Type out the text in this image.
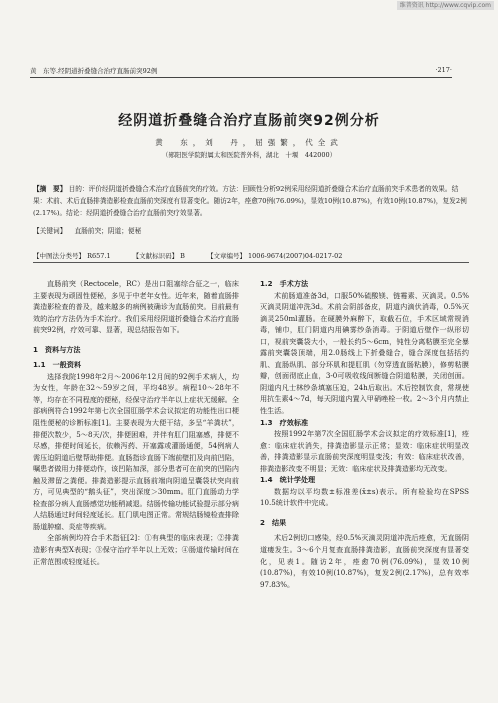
维普资讯 http://www.cqvip.com
黄　东等.经阴道折叠缝合治疗直肠前突92例	·217·
经阴道折叠缝合治疗直肠前突92例分析
黄　东，刘　丹，屈强繁，代全武
（郧阳医学院附属太和医院普外科，湖北　十堰　442000）
【摘　要】 目的：评价经阴道折叠缝合术治疗直肠前突的疗效。方法：回顾性分析92例采用经阴道折叠缝合术治疗直肠前突手术患者的效果。结果：术前、术后直肠排粪造影检查直肠前突深度有显著变化。随访2年，痊愈70例(76.09%)，显效10例(10.87%)，有效10例(10.87%)，复发2例(2.17%)。结论：经阴道折叠缝合治疗直肠前突疗效显著。
【关键词】 直肠前突；阴道；便秘
【中图法分类号】 R657.1	【文献标识码】 B	【文章编号】 1006-9674(2007)04-0217-02

直肠前突（Rectocele，RC）是出口阻塞综合征之一，临床主要表现为顽固性便秘，多见于中老年女性。近年来，随着直肠排粪造影检查的普及，越来越多的病例被确诊为直肠前突。目前最有效的治疗方法仍为手术治疗。我们采用经阴道折叠缝合术治疗直肠前突92例，疗效可靠、显著，现总结报告如下。

1　资料与方法
1.1　一般资料

选择我院1998年2月～2006年12月间的92例手术病人，均为女性，年龄在32～59岁之间，平均48岁。病程10～28年不等，均存在不同程度的便秘，经保守治疗半年以上症状无缓解。全部病例符合1992年第七次全国肛肠学术会议拟定的功能性出口梗阻性便秘的诊断标准[1]。主要表现为大便干结，多呈“羊粪状”，排便次数少，5～8天/次，排便困难，并伴有肛门阻塞感，排便不尽感，排便时间延长，依赖泻药、开塞露或灌肠通便，54例病人需压迫阴道后壁帮助排便。直肠指诊直肠下端前壁扪及向前凹陷，嘱患者做用力排便动作，该凹陷加深，部分患者可在前突的凹陷内触及滞留之粪便。排粪造影提示直肠前端向阴道呈囊袋状突向前方，可见典型的“鹅头征”，突出深度＞30mm。肛门直肠动力学检查部分病人直肠感觉功能稍减退。结肠传输功能试验提示部分病人结肠通过时间轻度延长。肛门肌电图正常。常规结肠镜检查排除肠道肿瘤、炎症等疾病。

全部病例均符合手术指征[2]：①有典型的临床表现；②排粪造影有典型X表现；③保守治疗半年以上无效；④肠道传输时间在正常范围或轻度延长。

1.2　手术方法

术前肠道准备3d，口服50%硫酸镁、链霉素、灭滴灵。0.5%灭滴灵阴道冲洗3d。术前会阴部备皮，阴道内滴伏消毒，0.5%灭滴灵250ml灌肠。在硬膜外麻醉下，取截石位，手术区域常规消毒，铺巾，肛门阴道内用碘雾纱条消毒。于阴道后壁作一纵形切口，视前突囊袋大小，一般长约5～6cm，钝性分离粘膜至完全暴露前突囊袋顶端，用2.0肠线上下折叠缝合，缝合深度包括括约肌、直肠纵肌、部分环肌和提肛肌（勿穿透直肠粘膜），修剪粘膜瓣，创面彻底止血，3-0可吸收线间断缝合阴道粘膜，关闭创面。阴道内凡士林纱条填塞压迫，24h后取出。术后控制饮食，常规使用抗生素4～7d，每天阴道内置入甲硝唑栓一枚。2～3个月内禁止性生活。

1.3　疗效标准

按照1992年第7次全国肛肠学术会议拟定的疗效标准[1]，痊愈：临床症状消失，排粪造影显示正常；显效：临床症状明显改善，排粪造影显示直肠前突深度明显变浅；有效：临床症状改善，排粪造影改变不明显；无效：临床症状及排粪造影均无改变。

1.4　统计学处理

数据均以平均数±标准差(x̄±s)表示。所有检验均在SPSS 10.5统计软件中完成。

2　结果

术后2例切口感染，经0.5%灭滴灵阴道冲洗后痊愈，无直肠阴道瘘发生。3～6个月复查直肠排粪造影，直肠前突深度有显著变化，见表1。随访2年，痊愈70例(76.09%)，显效10例(10.87%)，有效10例(10.87%)，复发2例(2.17%)，总有效率97.83%。
